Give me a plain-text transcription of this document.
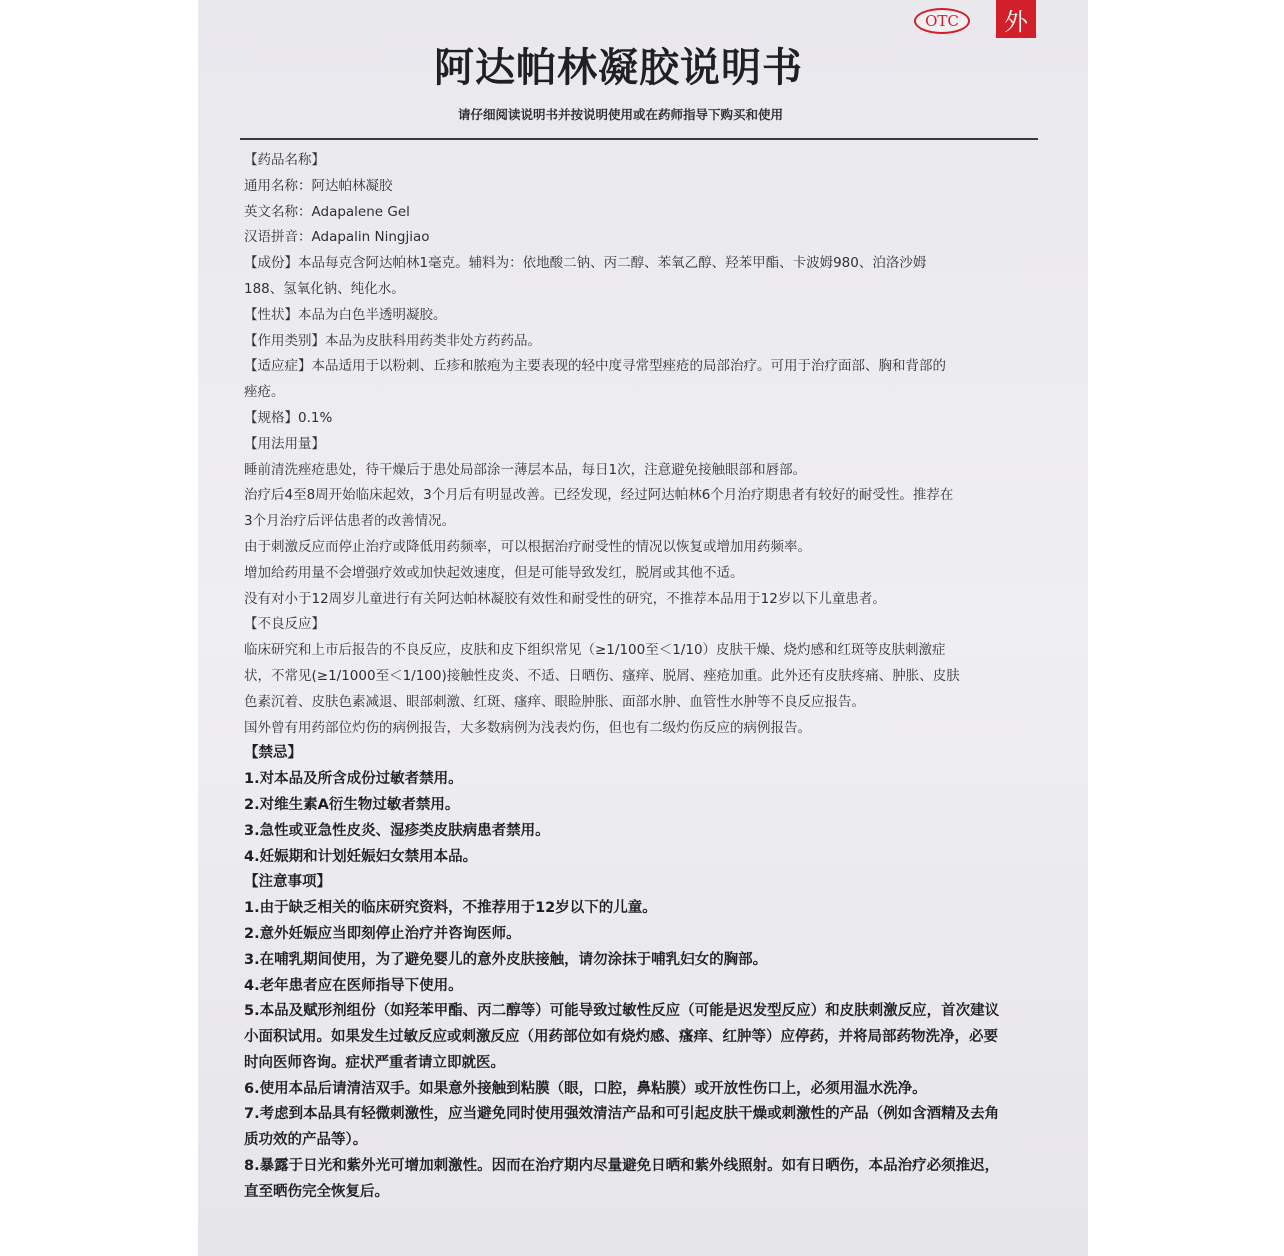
OTC	外
阿达帕林凝胶说明书
请仔细阅读说明书并按说明使用或在药师指导下购买和使用
【药品名称】
通用名称：阿达帕林凝胶
英文名称：Adapalene Gel
汉语拼音：Adapalin Ningjiao
【成份】本品每克含阿达帕林1毫克。辅料为：依地酸二钠、丙二醇、苯氧乙醇、羟苯甲酯、卡波姆980、泊洛沙姆
188、氢氧化钠、纯化水。
【性状】本品为白色半透明凝胶。
【作用类别】本品为皮肤科用药类非处方药药品。
【适应症】本品适用于以粉刺、丘疹和脓疱为主要表现的轻中度寻常型痤疮的局部治疗。可用于治疗面部、胸和背部的
痤疮。
【规格】0.1%
【用法用量】
睡前清洗痤疮患处，待干燥后于患处局部涂一薄层本品，每日1次，注意避免接触眼部和唇部。
治疗后4至8周开始临床起效，3个月后有明显改善。已经发现，经过阿达帕林6个月治疗期患者有较好的耐受性。推荐在
3个月治疗后评估患者的改善情况。
由于刺激反应而停止治疗或降低用药频率，可以根据治疗耐受性的情况以恢复或增加用药频率。
增加给药用量不会增强疗效或加快起效速度，但是可能导致发红，脱屑或其他不适。
没有对小于12周岁儿童进行有关阿达帕林凝胶有效性和耐受性的研究，不推荐本品用于12岁以下儿童患者。
【不良反应】
临床研究和上市后报告的不良反应，皮肤和皮下组织常见（≥1/100至＜1/10）皮肤干燥、烧灼感和红斑等皮肤刺激症
状，不常见(≥1/1000至＜1/100)接触性皮炎、不适、日晒伤、瘙痒、脱屑、痤疮加重。此外还有皮肤疼痛、肿胀、皮肤
色素沉着、皮肤色素减退、眼部刺激、红斑、瘙痒、眼睑肿胀、面部水肿、血管性水肿等不良反应报告。
国外曾有用药部位灼伤的病例报告，大多数病例为浅表灼伤，但也有二级灼伤反应的病例报告。
【禁忌】
1.对本品及所含成份过敏者禁用。
2.对维生素A衍生物过敏者禁用。
3.急性或亚急性皮炎、湿疹类皮肤病患者禁用。
4.妊娠期和计划妊娠妇女禁用本品。
【注意事项】
1.由于缺乏相关的临床研究资料，不推荐用于12岁以下的儿童。
2.意外妊娠应当即刻停止治疗并咨询医师。
3.在哺乳期间使用，为了避免婴儿的意外皮肤接触，请勿涂抹于哺乳妇女的胸部。
4.老年患者应在医师指导下使用。
5.本品及赋形剂组份（如羟苯甲酯、丙二醇等）可能导致过敏性反应（可能是迟发型反应）和皮肤刺激反应，首次建议
小面积试用。如果发生过敏反应或刺激反应（用药部位如有烧灼感、瘙痒、红肿等）应停药，并将局部药物洗净，必要
时向医师咨询。症状严重者请立即就医。
6.使用本品后请清洁双手。如果意外接触到粘膜（眼，口腔，鼻粘膜）或开放性伤口上，必须用温水洗净。
7.考虑到本品具有轻微刺激性，应当避免同时使用强效清洁产品和可引起皮肤干燥或刺激性的产品（例如含酒精及去角
质功效的产品等）。
8.暴露于日光和紫外光可增加刺激性。因而在治疗期内尽量避免日晒和紫外线照射。如有日晒伤，本品治疗必须推迟，
直至晒伤完全恢复后。
